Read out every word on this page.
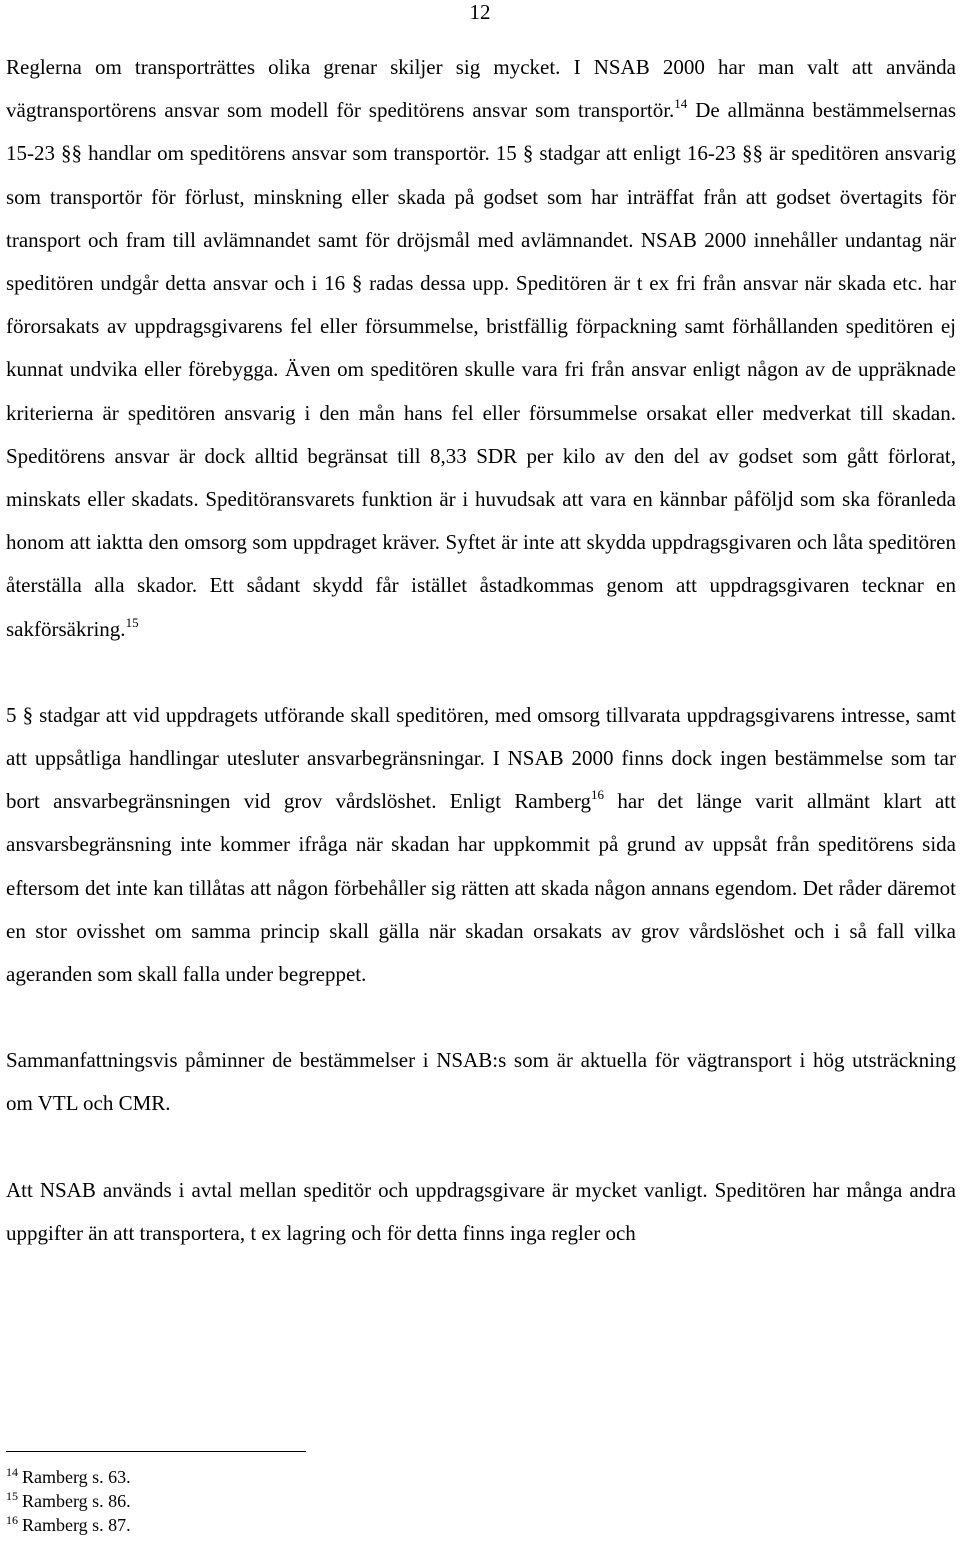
12

Reglerna om transporträttes olika grenar skiljer sig mycket. I NSAB 2000 har man valt att använda vägtransportörens ansvar som modell för speditörens ansvar som transportör.$^{14}$ De allmänna bestämmelsernas 15-23 §§ handlar om speditörens ansvar som transportör. 15 § stadgar att enligt 16-23 §§ är speditören ansvarig som transportör för förlust, minskning eller skada på godset som har inträffat från att godset övertagits för transport och fram till avlämnandet samt för dröjsmål med avlämnandet. NSAB 2000 innehåller undantag när speditören undgår detta ansvar och i 16 § radas dessa upp. Speditören är t ex fri från ansvar när skada etc. har förorsakats av uppdragsgivarens fel eller försummelse, bristfällig förpackning samt förhållanden speditören ej kunnat undvika eller förebygga. Även om speditören skulle vara fri från ansvar enligt någon av de uppräknade kriterierna är speditören ansvarig i den mån hans fel eller försummelse orsakat eller medverkat till skadan. Speditörens ansvar är dock alltid begränsat till 8,33 SDR per kilo av den del av godset som gått förlorat, minskats eller skadats. Speditöransvarets funktion är i huvudsak att vara en kännbar påföljd som ska föranleda honom att iaktta den omsorg som uppdraget kräver. Syftet är inte att skydda uppdragsgivaren och låta speditören återställa alla skador. Ett sådant skydd får istället åstadkommas genom att uppdragsgivaren tecknar en sakförsäkring.$^{15}$

5 § stadgar att vid uppdragets utförande skall speditören, med omsorg tillvarata uppdragsgivarens intresse, samt att uppsåtliga handlingar utesluter ansvarbegränsningar. I NSAB 2000 finns dock ingen bestämmelse som tar bort ansvarbegränsningen vid grov vårdslöshet. Enligt Ramberg$^{16}$ har det länge varit allmänt klart att ansvarsbegränsning inte kommer ifråga när skadan har uppkommit på grund av uppsåt från speditörens sida eftersom det inte kan tillåtas att någon förbehåller sig rätten att skada någon annans egendom. Det råder däremot en stor ovisshet om samma princip skall gälla när skadan orsakats av grov vårdslöshet och i så fall vilka ageranden som skall falla under begreppet.

Sammanfattningsvis påminner de bestämmelser i NSAB:s som är aktuella för vägtransport i hög utsträckning om VTL och CMR.

Att NSAB används i avtal mellan speditör och uppdragsgivare är mycket vanligt. Speditören har många andra uppgifter än att transportera, t ex lagring och för detta finns inga regler och

$^{14}$ Ramberg s. 63.
$^{15}$ Ramberg s. 86.
$^{16}$ Ramberg s. 87.
